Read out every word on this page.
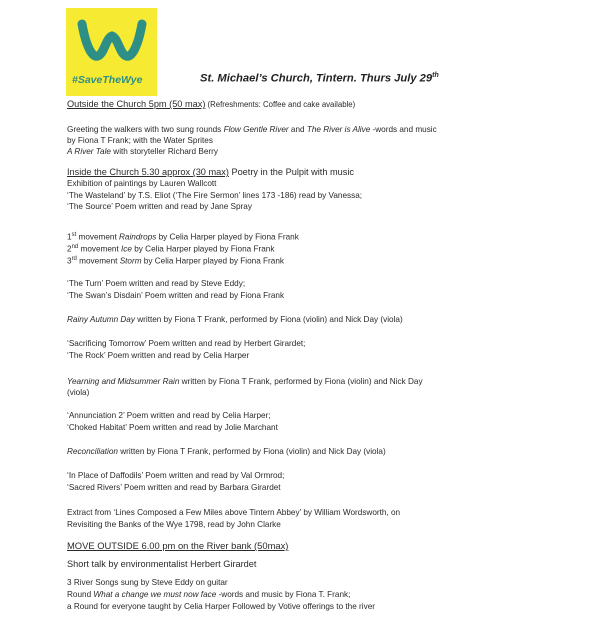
#SaveTheWye	St. Michael’s Church, Tintern. Thurs July 29th
Outside the Church 5pm (50 max) (Refreshments: Coffee and cake available)
Greeting the walkers with two sung rounds Flow Gentle River and The River is Alive -words and music
by Fiona T Frank; with the Water Sprites
A River Tale with storyteller Richard Berry
Inside the Church 5.30 approx (30 max) Poetry in the Pulpit with music
Exhibition of paintings by Lauren Wallcott
‘The Wasteland’ by T.S. Eliot (‘The Fire Sermon’ lines 173 -186) read by Vanessa;
‘The Source’ Poem written and read by Jane Spray
1st movement Raindrops by Celia Harper played by Fiona Frank
2nd movement Ice by Celia Harper played by Fiona Frank
3rd movement Storm by Celia Harper played by Fiona Frank
‘The Turn’ Poem written and read by Steve Eddy;
‘The Swan’s Disdain’ Poem written and read by Fiona Frank
Rainy Autumn Day written by Fiona T Frank, performed by Fiona (violin) and Nick Day (viola)
‘Sacrificing Tomorrow’ Poem written and read by Herbert Girardet;
‘The Rock’ Poem written and read by Celia Harper
Yearning and Midsummer Rain written by Fiona T Frank, performed by Fiona (violin) and Nick Day
(viola)
‘Annunciation 2’ Poem written and read by Celia Harper;
‘Choked Habitat’ Poem written and read by Jolie Marchant
Reconciliation written by Fiona T Frank, performed by Fiona (violin) and Nick Day (viola)
‘In Place of Daffodils’ Poem written and read by Val Ormrod;
‘Sacred Rivers’ Poem written and read by Barbara Girardet
Extract from ‘Lines Composed a Few Miles above Tintern Abbey’ by William Wordsworth, on
Revisiting the Banks of the Wye 1798, read by John Clarke
MOVE OUTSIDE 6.00 pm on the River bank (50max)
Short talk by environmentalist Herbert Girardet
3 River Songs sung by Steve Eddy on guitar
Round What a change we must now face -words and music by Fiona T. Frank;
a Round for everyone taught by Celia Harper Followed by Votive offerings to the river
